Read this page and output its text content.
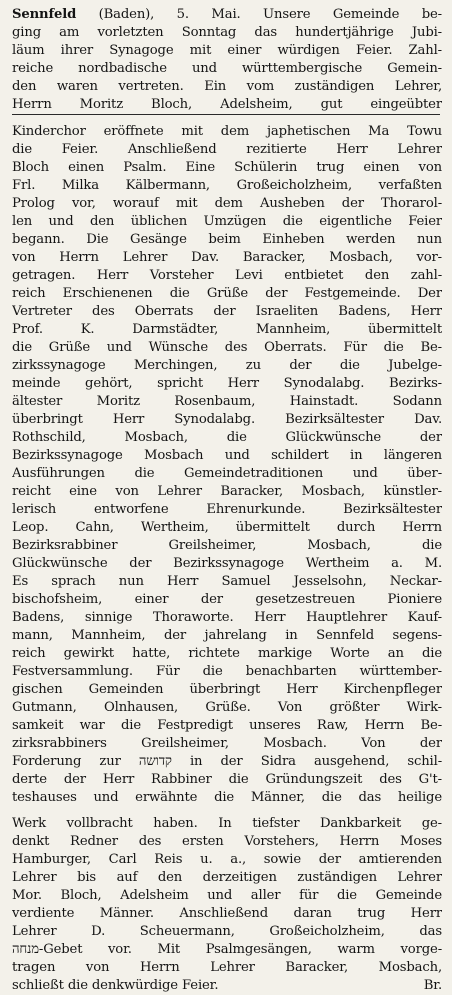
Sennfeld (Baden), 5. Mai. Unsere Gemeinde be-
ging am vorletzten Sonntag das hundertjährige Jubi-
läum ihrer Synagoge mit einer würdigen Feier. Zahl-
reiche nordbadische und württembergische Gemein-
den waren vertreten. Ein vom zuständigen Lehrer,
Herrn Moritz Bloch, Adelsheim, gut eingeübter
Kinderchor eröffnete mit dem japhetischen Ma Towu
die Feier. Anschließend rezitierte Herr Lehrer
Bloch einen Psalm. Eine Schülerin trug einen von
Frl. Milka Kälbermann, Großeicholzheim, verfaßten
Prolog vor, worauf mit dem Ausheben der Thorarol-
len und den üblichen Umzügen die eigentliche Feier
begann. Die Gesänge beim Einheben werden nun
von Herrn Lehrer Dav. Baracker, Mosbach, vor-
getragen. Herr Vorsteher Levi entbietet den zahl-
reich Erschienenen die Grüße der Festgemeinde. Der
Vertreter des Oberrats der Israeliten Badens, Herr
Prof. K. Darmstädter, Mannheim, übermittelt
die Grüße und Wünsche des Oberrats. Für die Be-
zirkssynagoge Merchingen, zu der die Jubelge-
meinde gehört, spricht Herr Synodalabg. Bezirks-
ältester Moritz Rosenbaum, Hainstadt. Sodann
überbringt Herr Synodalabg. Bezirksältester Dav.
Rothschild, Mosbach, die Glückwünsche der
Bezirkssynagoge Mosbach und schildert in längeren
Ausführungen die Gemeindetraditionen und über-
reicht eine von Lehrer Baracker, Mosbach, künstler-
lerisch entworfene Ehrenurkunde. Bezirksältester
Leop. Cahn, Wertheim, übermittelt durch Herrn
Bezirksrabbiner Greilsheimer, Mosbach, die
Glückwünsche der Bezirkssynagoge Wertheim a. M.
Es sprach nun Herr Samuel Jesselsohn, Neckar-
bischofsheim, einer der gesetzestreuen Pioniere
Badens, sinnige Thoraworte. Herr Hauptlehrer Kauf-
mann, Mannheim, der jahrelang in Sennfeld segens-
reich gewirkt hatte, richtete markige Worte an die
Festversammlung. Für die benachbarten württember-
gischen Gemeinden überbringt Herr Kirchenpfleger
Gutmann, Olnhausen, Grüße. Von größter Wirk-
samkeit war die Festpredigt unseres Raw, Herrn Be-
zirksrabbiners Greilsheimer, Mosbach. Von der
Forderung zur קדושה in der Sidra ausgehend, schil-
derte der Herr Rabbiner die Gründungszeit des G't-
teshauses und erwähnte die Männer, die das heilige
Werk vollbracht haben. In tiefster Dankbarkeit ge-
denkt Redner des ersten Vorstehers, Herrn Moses
Hamburger, Carl Reis u. a., sowie der amtierenden
Lehrer bis auf den derzeitigen zuständigen Lehrer
Mor. Bloch, Adelsheim und aller für die Gemeinde
verdiente Männer. Anschließend daran trug Herr
Lehrer D. Scheuermann, Großeicholzheim, das
מנחה-Gebet vor. Mit Psalmgesängen, warm vorge-
tragen von Herrn Lehrer Baracker, Mosbach,
schließt die denkwürdige Feier.	Br.
